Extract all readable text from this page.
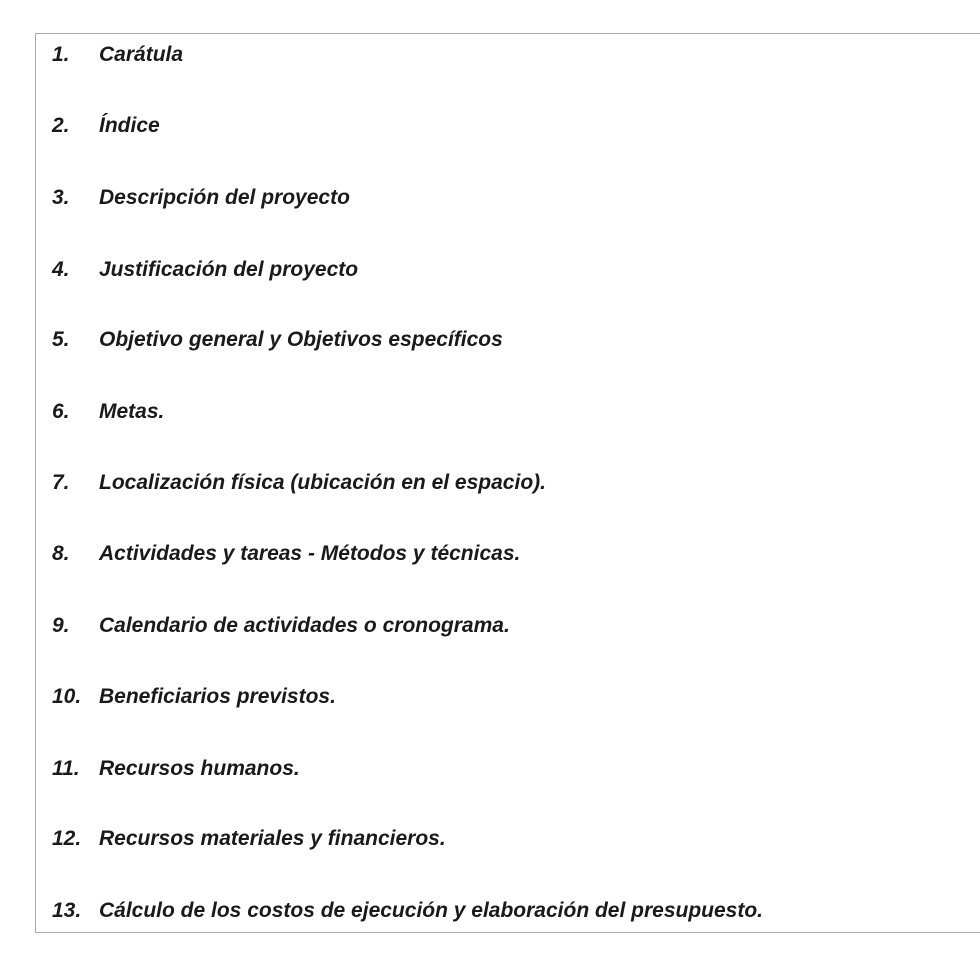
1.	Carátula
2.	Índice
3.	Descripción del proyecto
4.	Justificación del proyecto
5.	Objetivo general y Objetivos específicos
6.	Metas.
7.	Localización física (ubicación en el espacio).
8.	Actividades y tareas - Métodos y técnicas.
9.	Calendario de actividades o cronograma.
10. Beneficiarios previstos.
11. Recursos humanos.
12. Recursos materiales y financieros.
13. Cálculo de los costos de ejecución y elaboración del presupuesto.
